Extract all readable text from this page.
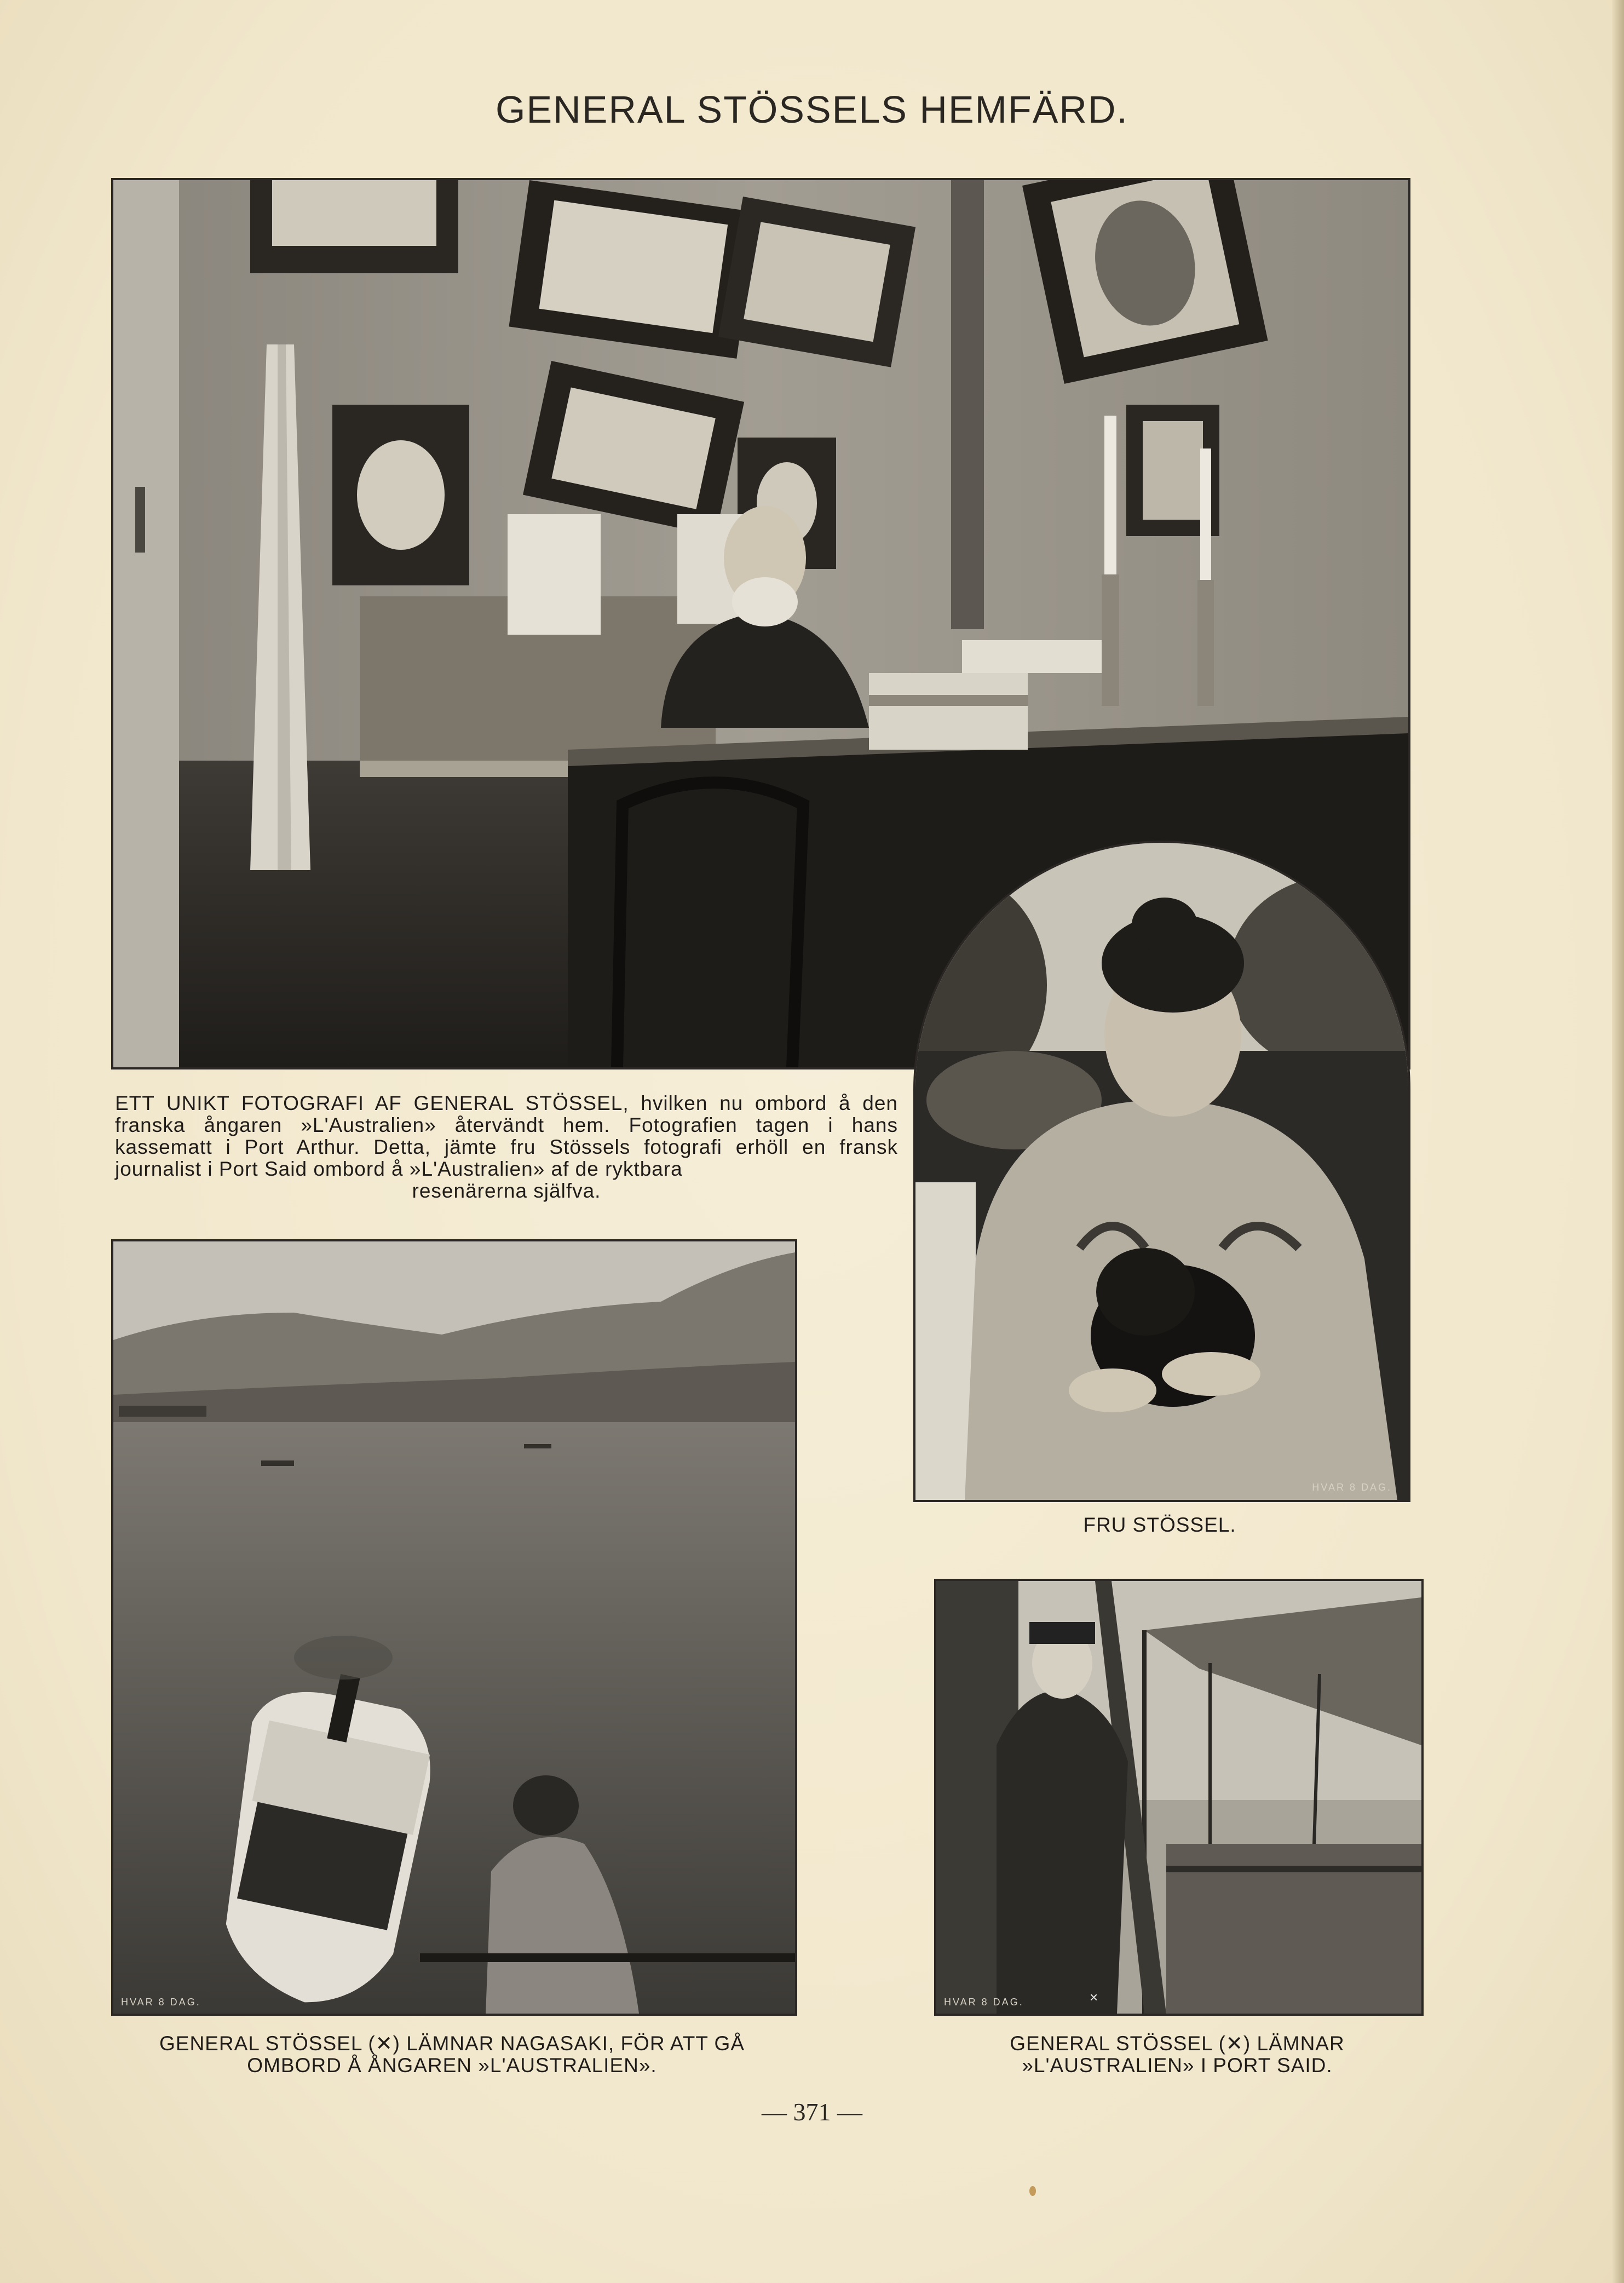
GENERAL STÖSSELS HEMFÄRD.
ETT UNIKT FOTOGRAFI AF GENERAL STÖSSEL, hvilken nu ombord å den franska ångaren »L'Australien» återvändt hem. Fotografien tagen i hans kassematt i Port Arthur. Detta, jämte fru Stössels fotografi erhöll en fransk journalist i Port Said ombord å »L'Australien» af de ryktbara
resenärerna själfva.
HVAR 8 DAG.
FRU STÖSSEL.
HVAR 8 DAG.
GENERAL STÖSSEL (✕) LÄMNAR NAGASAKI, FÖR ATT GÅ OMBORD Å ÅNGAREN »L'AUSTRALIEN».
HVAR 8 DAG.	×
GENERAL STÖSSEL (✕) LÄMNAR »L'AUSTRALIEN» I PORT SAID.
— 371 —
